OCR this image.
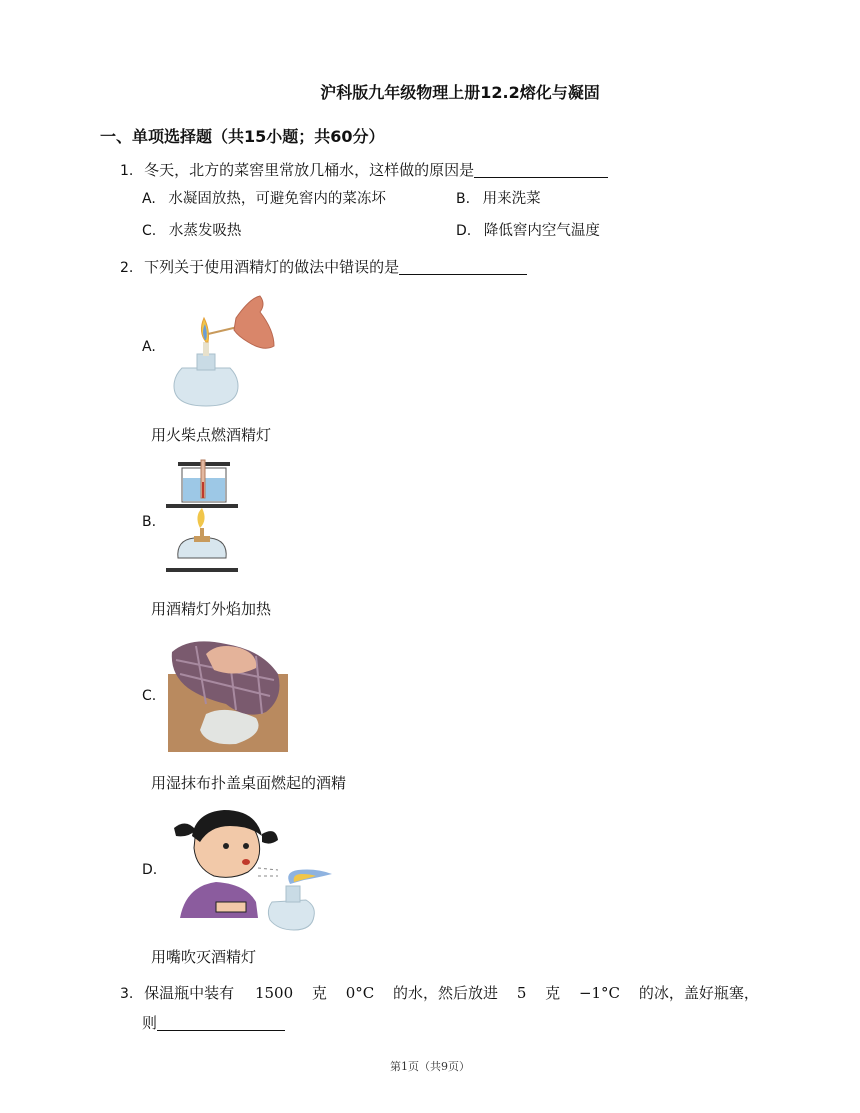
沪科版九年级物理上册12.2熔化与凝固
一、单项选择题（共15小题；共60分）
1. 冬天，北方的菜窖里常放几桶水，这样做的原因是
A. 水凝固放热，可避免窖内的菜冻坏	B. 用来洗菜
C. 水蒸发吸热	D. 降低窖内空气温度
2. 下列关于使用酒精灯的做法中错误的是
A.
用火柴点燃酒精灯
B.
用酒精灯外焰加热
C.
用湿抹布扑盖桌面燃起的酒精
D.
用嘴吹灭酒精灯
3. 保温瓶中装有 1500 克 0°C 的水，然后放进 5 克 −1°C 的冰，盖好瓶塞，
则
第1页（共9页）
